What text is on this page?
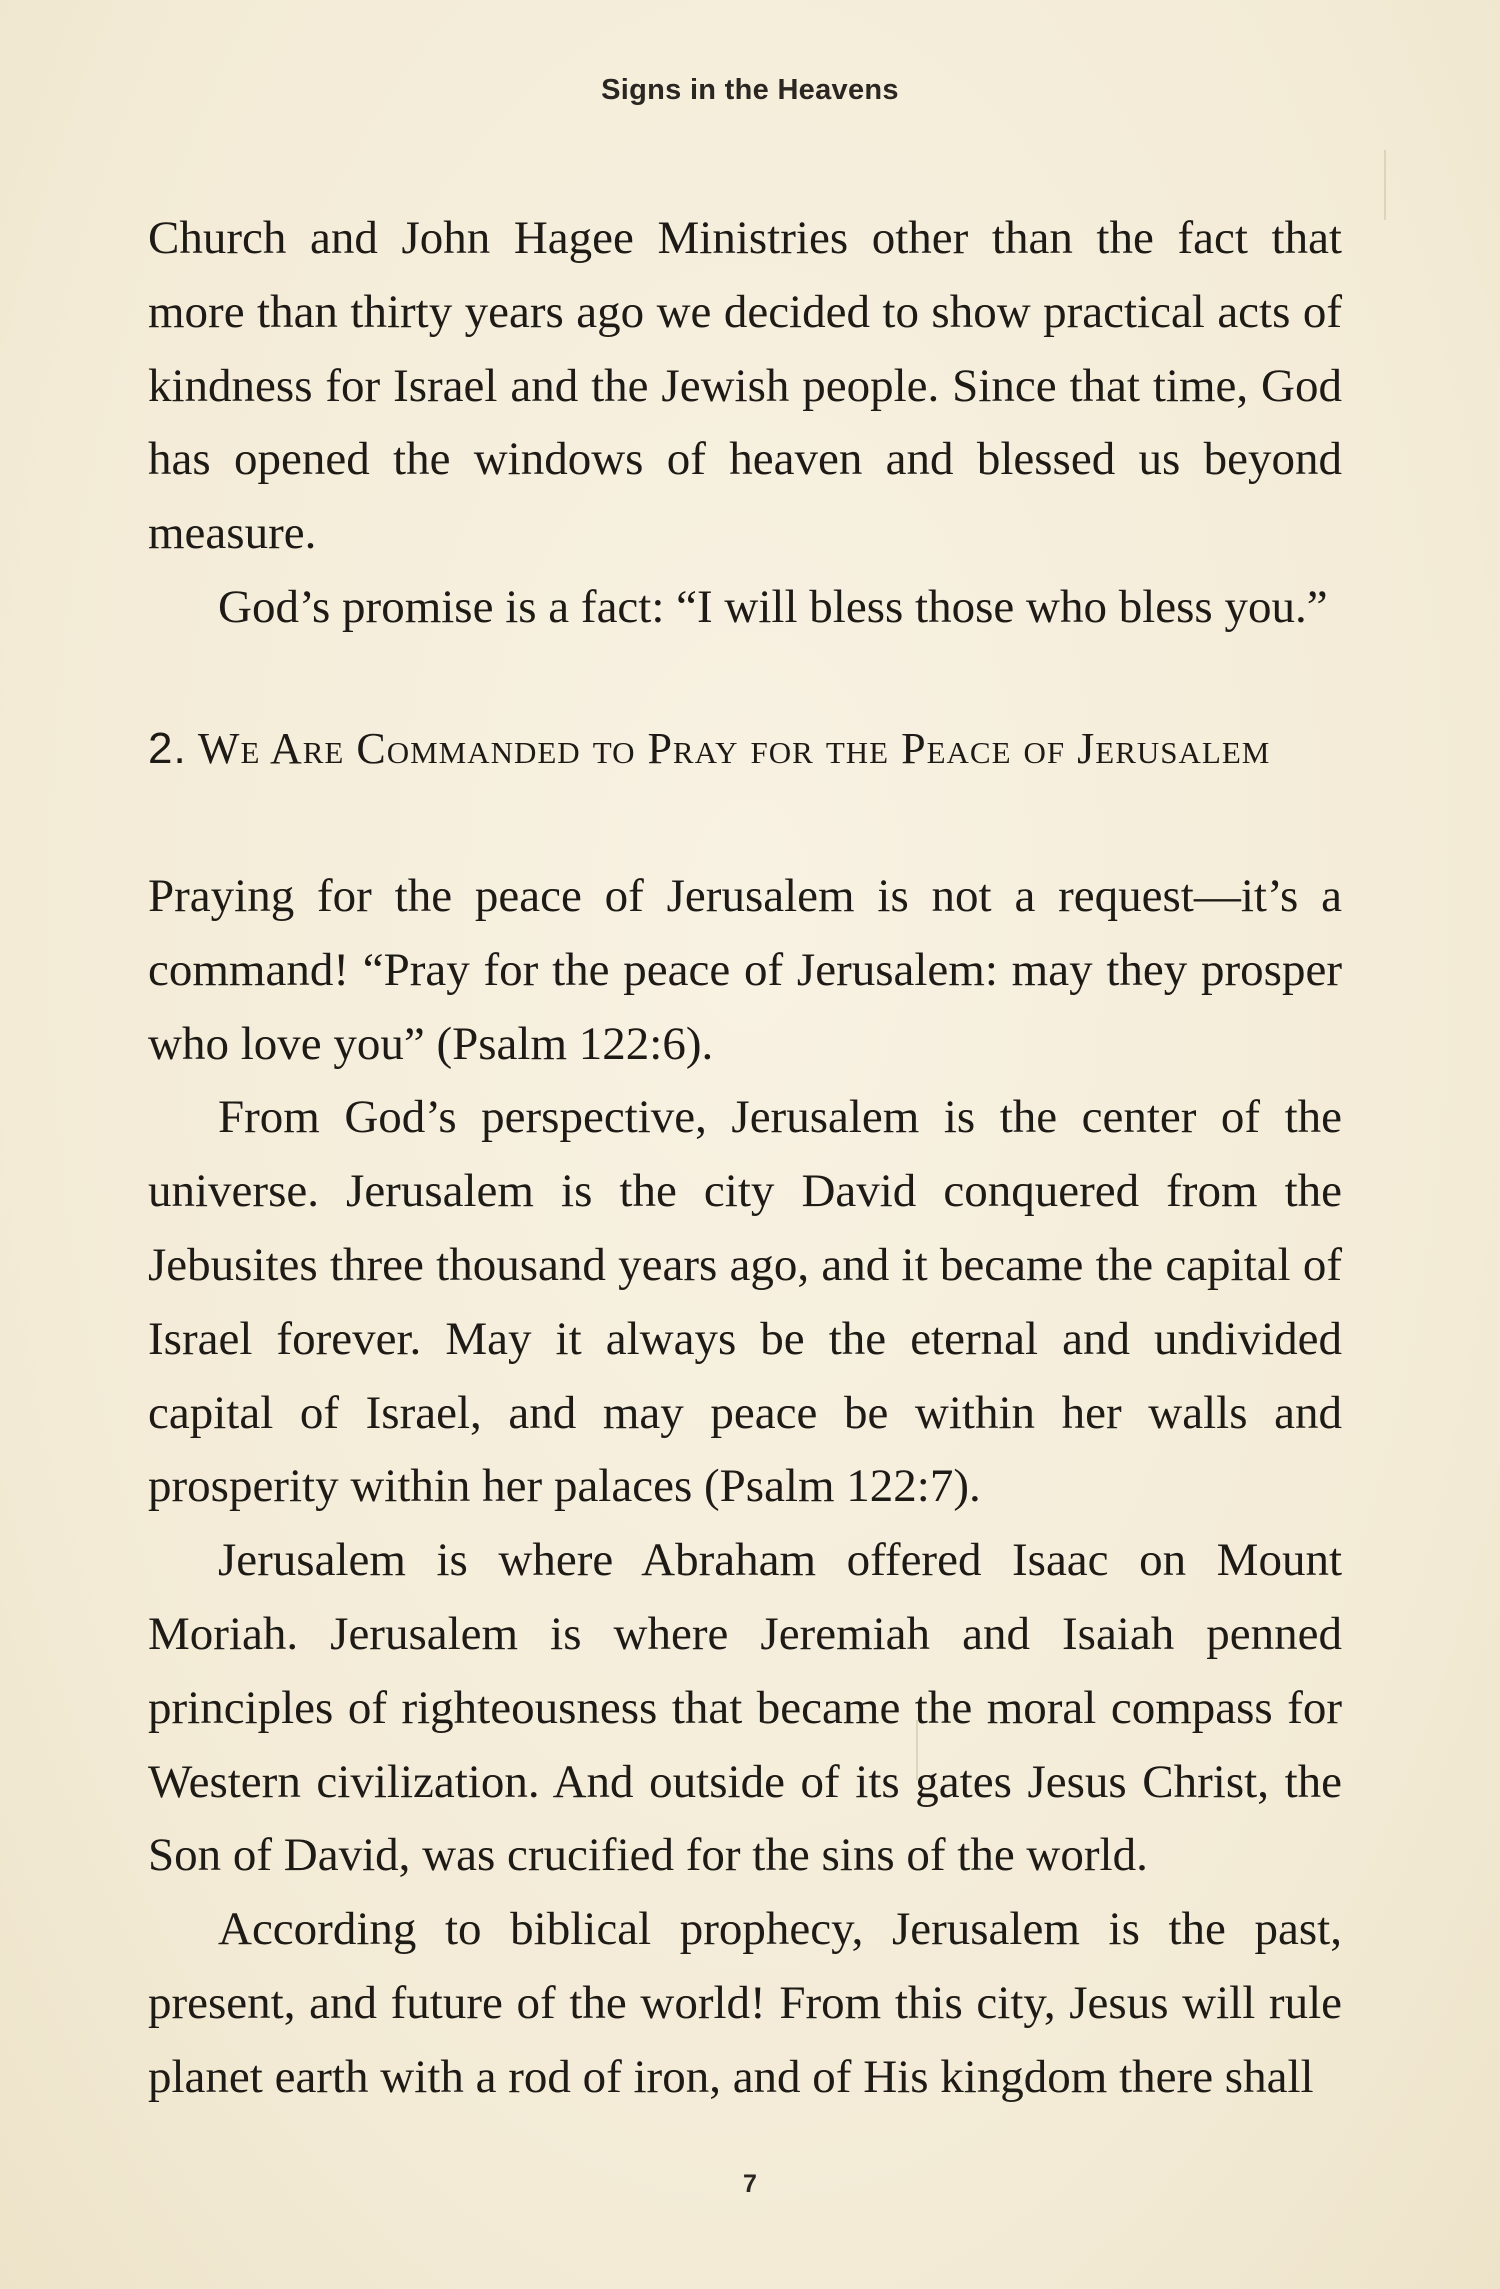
Signs in the Heavens

Church and John Hagee Ministries other than the fact that more than thirty years ago we decided to show practical acts of kindness for Israel and the Jewish people. Since that time, God has opened the windows of heaven and blessed us beyond measure.

God’s promise is a fact: “I will bless those who bless you.”

2. We Are Commanded to Pray for the Peace of Jerusalem

Praying for the peace of Jerusalem is not a request—it’s a command! “Pray for the peace of Jerusalem: may they prosper who love you” (Psalm 122:6).

From God’s perspective, Jerusalem is the center of the universe. Jerusalem is the city David conquered from the Jebusites three thousand years ago, and it became the capital of Israel forever. May it always be the eternal and undivided capital of Israel, and may peace be within her walls and prosperity within her palaces (Psalm 122:7).

Jerusalem is where Abraham offered Isaac on Mount Moriah. Jerusalem is where Jeremiah and Isaiah penned principles of righteousness that became the moral compass for Western civilization. And outside of its gates Jesus Christ, the Son of David, was crucified for the sins of the world.

According to biblical prophecy, Jerusalem is the past, present, and future of the world! From this city, Jesus will rule planet earth with a rod of iron, and of His kingdom there shall

7
